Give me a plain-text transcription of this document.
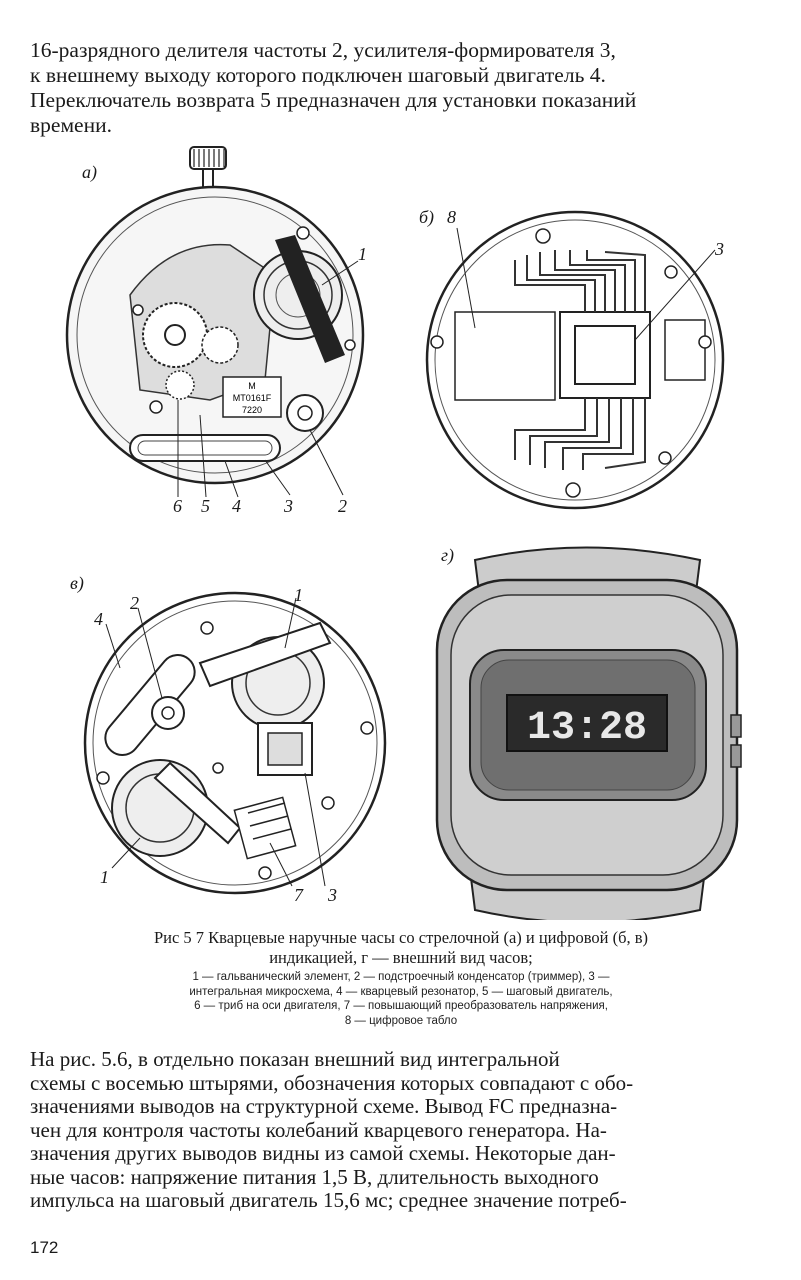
16-разрядного делителя частоты 2, усилителя-формирователя 3,
к внешнему выходу которого подключен шаговый двигатель 4.
Переключатель возврата 5 предназначен для установки показаний
времени.
М
МТ0161F
7220
а)
1
2
3
4
5
6
б) 8
3
в)
1
2
4
1
7 3
13:28
г)
Рис 5 7 Кварцевые наручные часы со стрелочной (а) и цифровой (б, в)
индикацией, г — внешний вид часов;
1 — гальванический элемент, 2 — подстроечный конденсатор (триммер), 3 —
интегральная микросхема, 4 — кварцевый резонатор, 5 — шаговый двигатель,
6 — триб на оси двигателя, 7 — повышающий преобразователь напряжения,
8 — цифровое табло
На рис. 5.6, в отдельно показан внешний вид интегральной
схемы с восемью штырями, обозначения которых совпадают с обо-
значениями выводов на структурной схеме. Вывод FC предназна-
чен для контроля частоты колебаний кварцевого генератора. На-
значения других выводов видны из самой схемы. Некоторые дан-
ные часов: напряжение питания 1,5 В, длительность выходного
импульса на шаговый двигатель 15,6 мс; среднее значение потреб-
172
